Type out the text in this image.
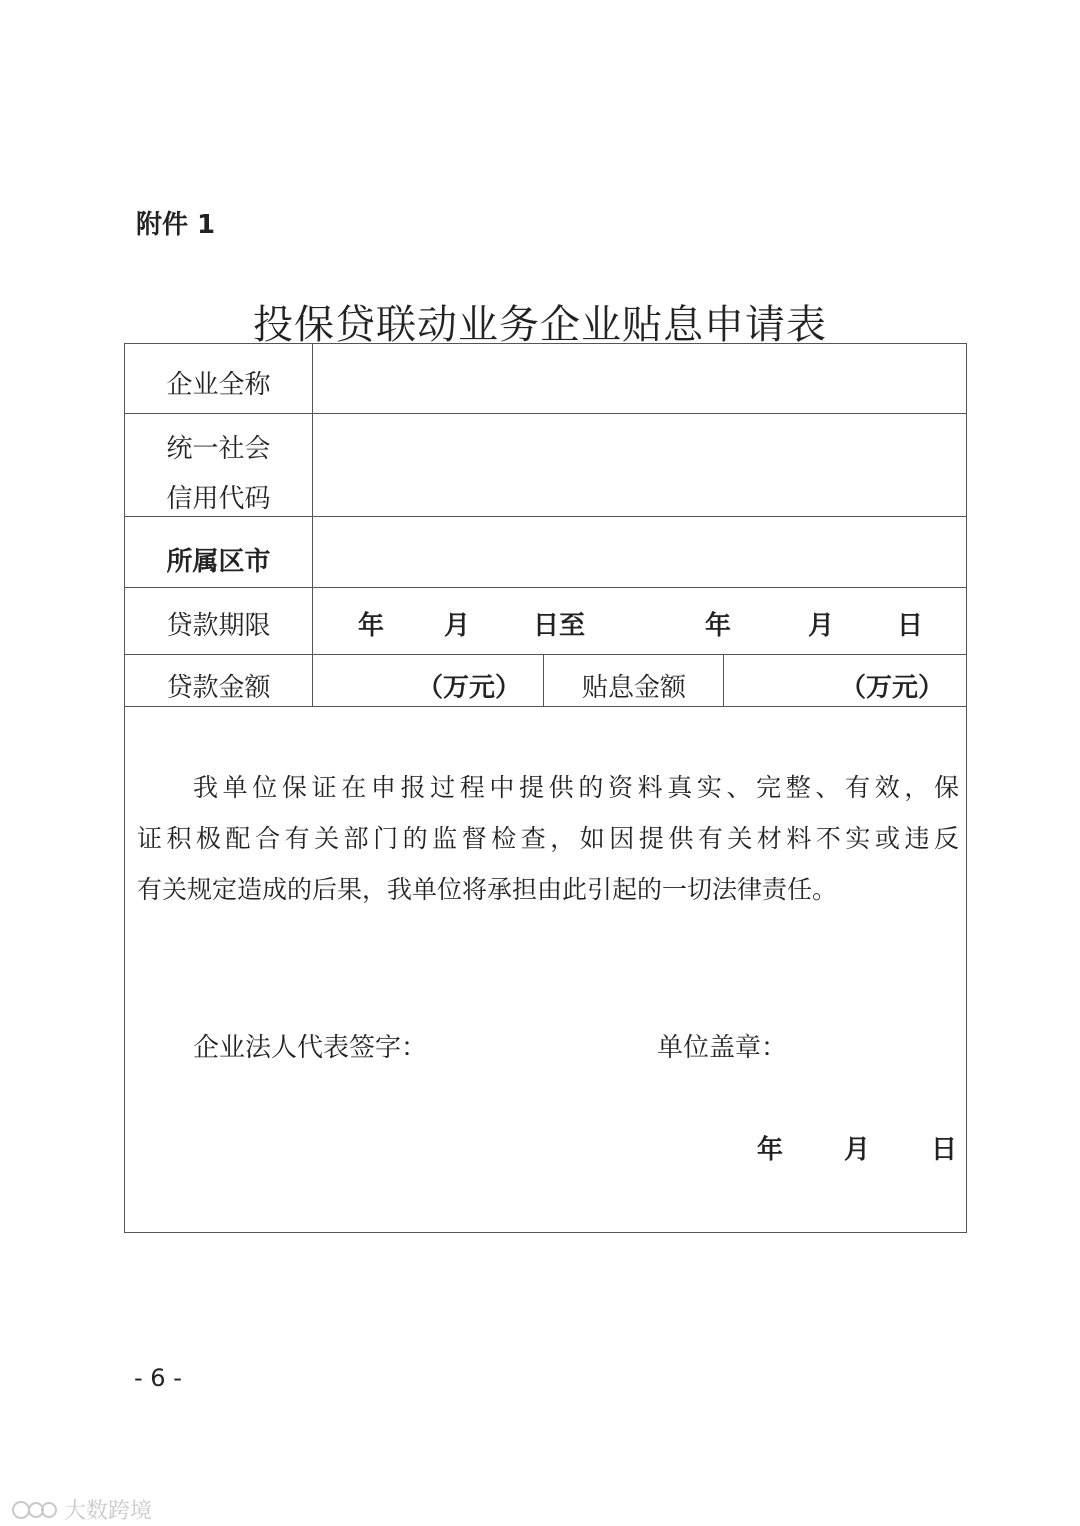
附件 1
投保贷联动业务企业贴息申请表
企业全称
统一社会
信用代码
所属区市
贷款期限	年 月 日至	年	月 日
贷款金额	（万元）	贴息金额	（万元）
我单位保证在申报过程中提供的资料真实、完整、有效，保
证积极配合有关部门的监督检查，如因提供有关材料不实或违反
有关规定造成的后果，我单位将承担由此引起的一切法律责任。
企业法人代表签字：	单位盖章：
年 月 日
- 6 -
大数跨境
